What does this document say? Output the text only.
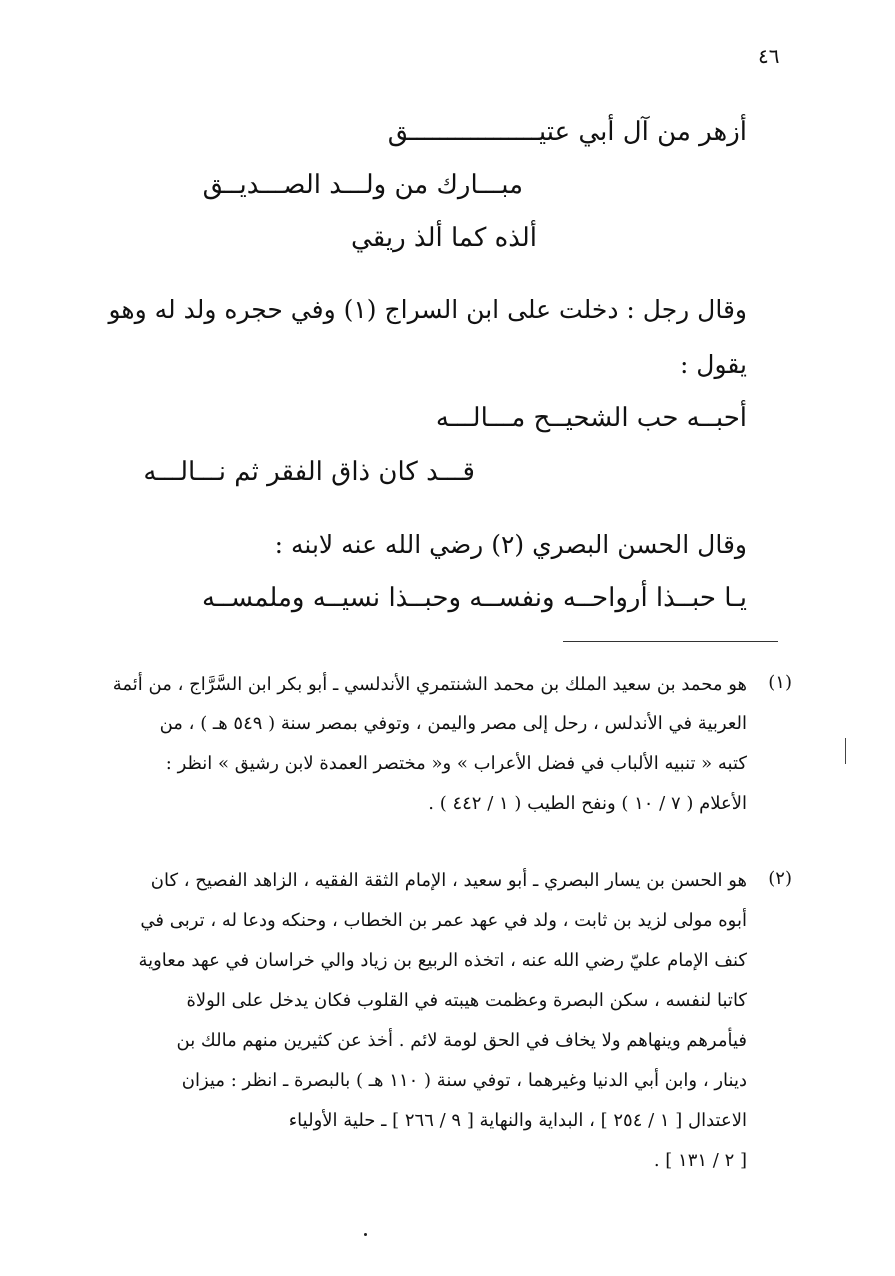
٤٦
أزهر من آل أبي عتيـــــــــــــــــق
مبـــارك من ولـــد الصـــديــق
ألذه كما ألذ ريقي
وقال رجل : دخلت على ابن السراج (١) وفي حجره ولد له وهو
يقول :
أحبــه حب الشحيــح مـــالـــه
قـــد كان ذاق الفقر ثم نـــالـــه
وقال الحسن البصري (٢) رضي الله عنه لابنه :
يـا حبــذا أرواحــه ونفســه وحبــذا نسيــه وملمســه
(١)
هو محمد بن سعيد الملك بن محمد الشنتمري الأندلسي ـ أبو بكر ابن السَّرَّاج ، من أئمة
العربية في الأندلس ، رحل إلى مصر واليمن ، وتوفي بمصر سنة ( ٥٤٩ هـ ) ، من
كتبه « تنبيه الألباب في فضل الأعراب » و« مختصر العمدة لابن رشيق » انظر :
الأعلام ( ٧ / ١٠ ) ونفح الطيب ( ١ / ٤٤٢ ) .
(٢)
هو الحسن بن يسار البصري ـ أبو سعيد ، الإمام الثقة الفقيه ، الزاهد الفصيح ، كان
أبوه مولى لزيد بن ثابت ، ولد في عهد عمر بن الخطاب ، وحنكه ودعا له ، تربى في
كنف الإمام عليّ رضي الله عنه ، اتخذه الربيع بن زياد والي خراسان في عهد معاوية
كاتبا لنفسه ، سكن البصرة وعظمت هيبته في القلوب فكان يدخل على الولاة
فيأمرهم وينهاهم ولا يخاف في الحق لومة لائم . أخذ عن كثيرين منهم مالك بن
دينار ، وابن أبي الدنيا وغيرهما ، توفي سنة ( ١١٠ هـ ) بالبصرة ـ انظر : ميزان
الاعتدال [ ١ / ٢٥٤ ] ، البداية والنهاية [ ٩ / ٢٦٦ ] ـ حلية الأولياء
[ ٢ / ١٣١ ] .
